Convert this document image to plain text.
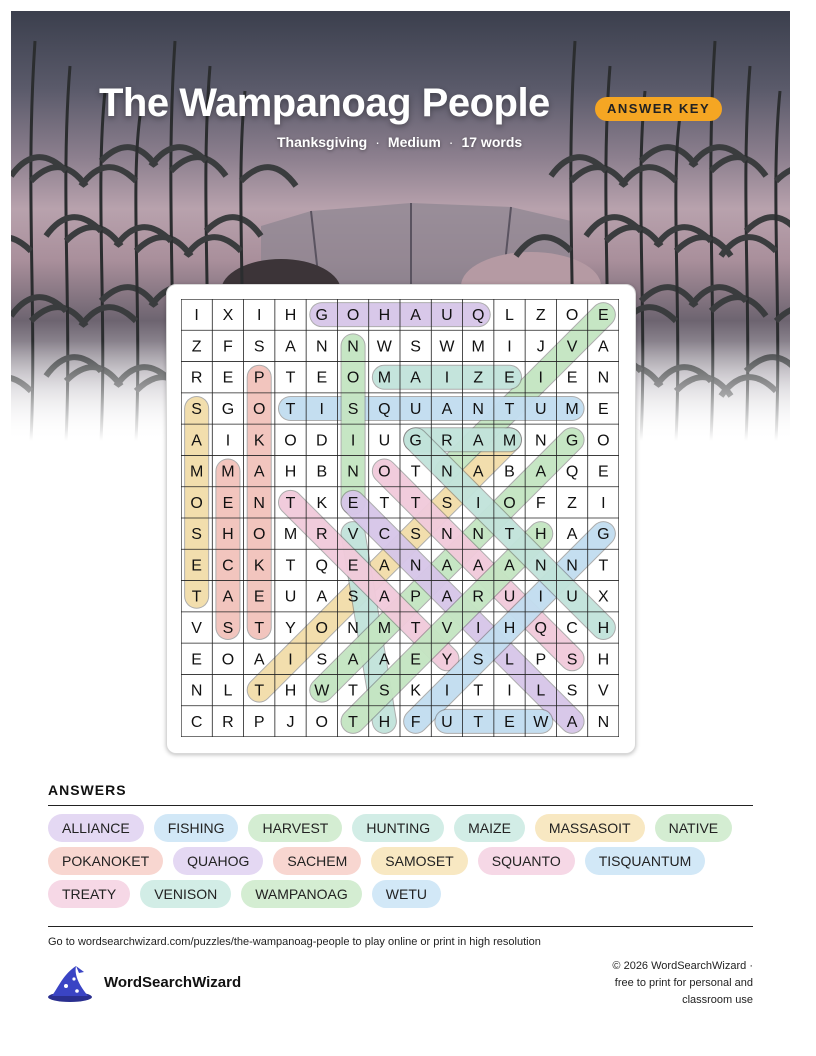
The Wampanoag People	ANSWER KEY
Thanksgiving · Medium · 17 words
I X I H G O H A U Q L Z O E
Z F S A N N W S W M I J V A
R E P T E O M A I Z E I E N
S G O T I S Q U A N T U M E
A I K O D I U G R A M N G O
M M A H B N O T N A B A Q E
O E N T K E T T S I O F Z I
S H O M R V C S N N T H A G
E C K T Q E A N A A A N N T
T A E U A S A P A R U I U X
V S T Y O N M T V I H Q C H
E O A I S A A E Y S L P S H
N L T H W T S K I T I L S V
C R P J O T H F U T E W A N
ANSWERS
ALLIANCE	FISHING	HARVEST	HUNTING	MAIZE	MASSASOIT	NATIVE
POKANOKET	QUAHOG	SACHEM	SAMOSET	SQUANTO	TISQUANTUM
TREATY	VENISON	WAMPANOAG	WETU
Go to wordsearchwizard.com/puzzles/the-wampanoag-people to play online or print in high resolution
WordSearchWizard
© 2026 WordSearchWizard ·
free to print for personal and
classroom use
